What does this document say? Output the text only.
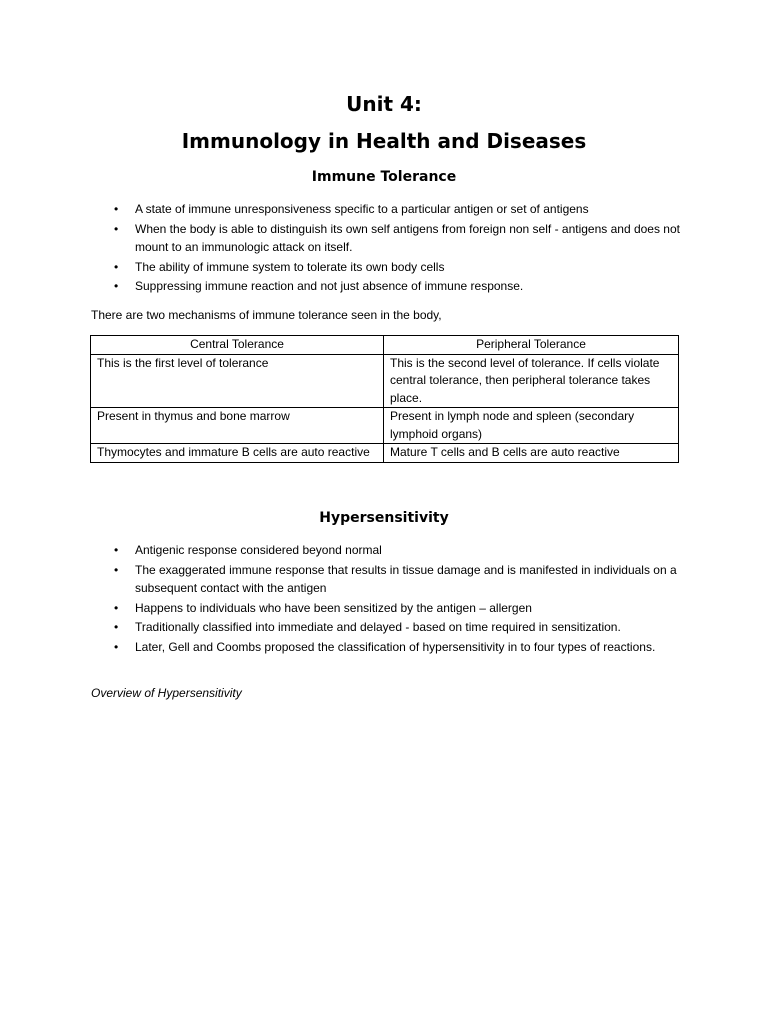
Unit 4:
Immunology in Health and Diseases
Immune Tolerance
• A state of immune unresponsiveness specific to a particular antigen or set of antigens
• When the body is able to distinguish its own self antigens from foreign non self - antigens and does not mount to an immunologic attack on itself.
• The ability of immune system to tolerate its own body cells
• Suppressing immune reaction and not just absence of immune response.
There are two mechanisms of immune tolerance seen in the body,
Central Tolerance	Peripheral Tolerance
This is the first level of tolerance	This is the second level of tolerance. If cells violate central tolerance, then peripheral tolerance takes place.
Present in thymus and bone marrow	Present in lymph node and spleen (secondary lymphoid organs)
Thymocytes and immature B cells are auto reactive	Mature T cells and B cells are auto reactive
Hypersensitivity
• Antigenic response considered beyond normal
• The exaggerated immune response that results in tissue damage and is manifested in individuals on a subsequent contact with the antigen
• Happens to individuals who have been sensitized by the antigen – allergen
• Traditionally classified into immediate and delayed - based on time required in sensitization.
• Later, Gell and Coombs proposed the classification of hypersensitivity in to four types of reactions.
Overview of Hypersensitivity
